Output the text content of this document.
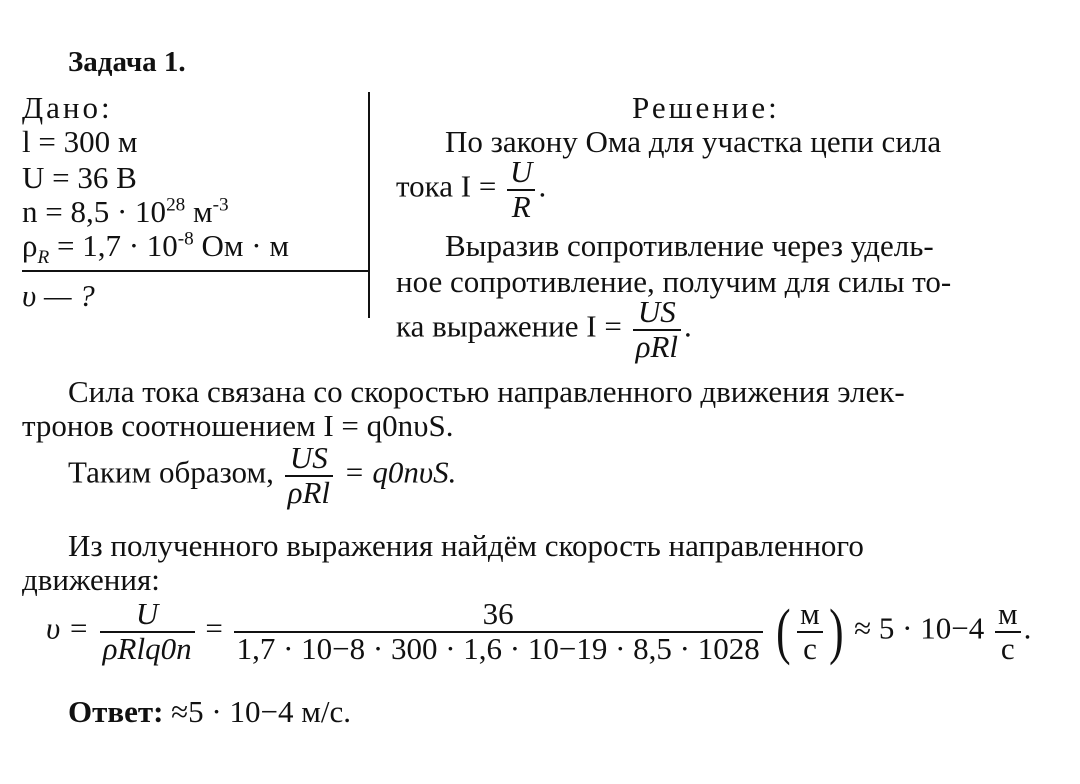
Задача 1.
Дано:
l = 300 м
U = 36 В
$n = 8,5 \cdot 10^{28}$ $м^{-3}$
$\rho_R = 1,7 \cdot 10^{-8}$ Ом · м
υ — ?
Решение:
По закону Ома для участка цепи сила
тока $I = \frac{U}{R}$ .
Выразив сопротивление через удель-
ное сопротивление, получим для силы то-
ка выражение $I = \frac{US}{\text{ρRl}}$ .
Сила тока связана со скоростью направленного движения элек-
тронов соотношением I = q0nυS.
Таким образом, $\frac{US}{\text{ρRl}} = q0n\upsilon S$.
Из полученного выражения найдём скорость направленного
движения:
$\upsilon = \frac{U}{\text{ρRlq0n}} = \frac{36}{1,7 \cdot 10-8 \cdot 300 \cdot 1,6 \cdot 10-19 \cdot 8,5 \cdot 1028}$ ( $\frac{м}{с}$ ) ≈ $5 \cdot 10-4 \frac{м}{с}$ .
Ответ: ≈5 · 10−4 м/с.
